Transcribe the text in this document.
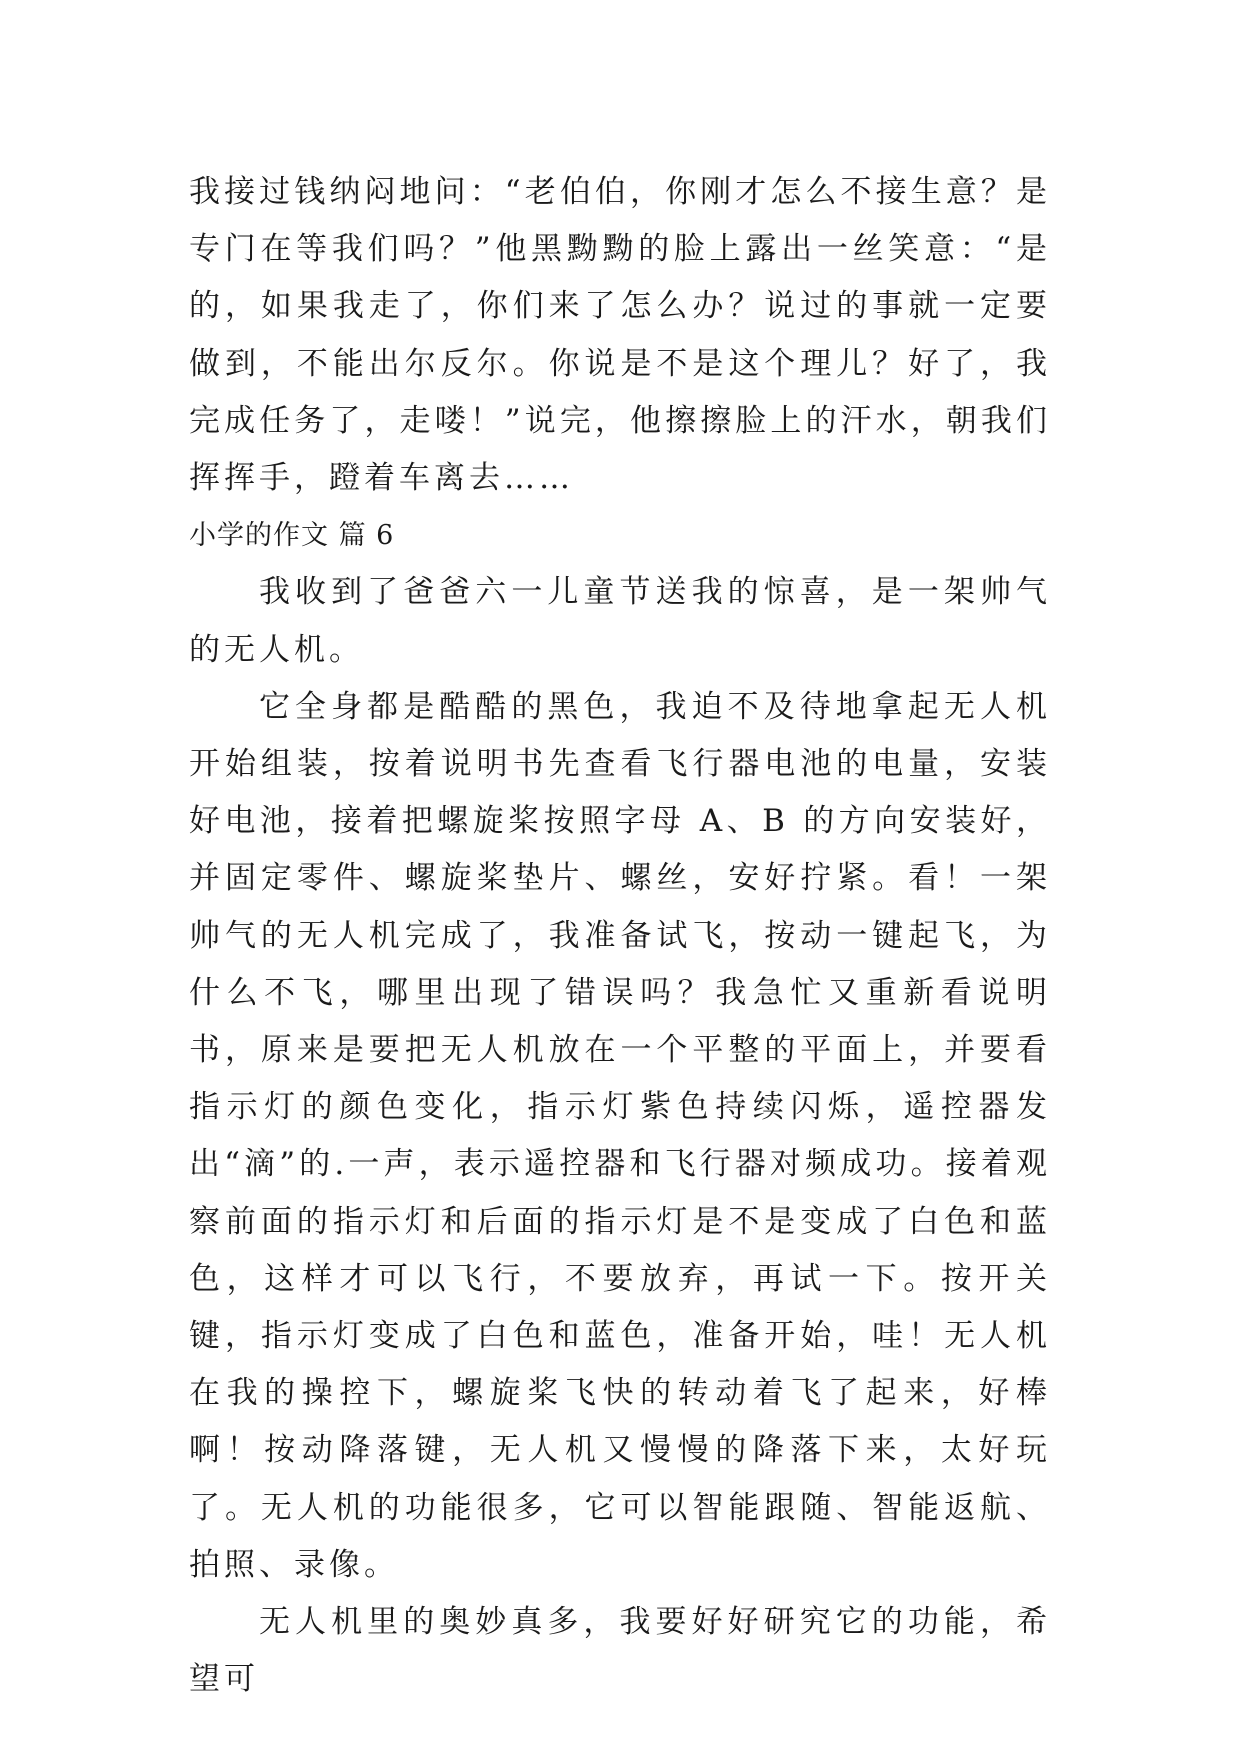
我接过钱纳闷地问：“老伯伯，你刚才怎么不接生意？是专门在等我们吗？”他黑黝黝的脸上露出一丝笑意：“是的，如果我走了，你们来了怎么办？说过的事就一定要做到，不能出尔反尔。你说是不是这个理儿？好了，我完成任务了，走喽！”说完，他擦擦脸上的汗水，朝我们挥挥手，蹬着车离去……

小学的作文 篇 6

我收到了爸爸六一儿童节送我的惊喜，是一架帅气的无人机。

它全身都是酷酷的黑色，我迫不及待地拿起无人机开始组装，按着说明书先查看飞行器电池的电量，安装好电池，接着把螺旋桨按照字母 A、B 的方向安装好，并固定零件、螺旋桨垫片、螺丝，安好拧紧。看！一架帅气的无人机完成了，我准备试飞，按动一键起飞，为什么不飞，哪里出现了错误吗？我急忙又重新看说明书，原来是要把无人机放在一个平整的平面上，并要看指示灯的颜色变化，指示灯紫色持续闪烁，遥控器发出“滴”的.一声，表示遥控器和飞行器对频成功。接着观察前面的指示灯和后面的指示灯是不是变成了白色和蓝色，这样才可以飞行，不要放弃，再试一下。按开关键，指示灯变成了白色和蓝色，准备开始，哇！无人机在我的操控下，螺旋桨飞快的转动着飞了起来，好棒啊！按动降落键，无人机又慢慢的降落下来，太好玩了。无人机的功能很多，它可以智能跟随、智能返航、拍照、录像。

无人机里的奥妙真多，我要好好研究它的功能，希望可
